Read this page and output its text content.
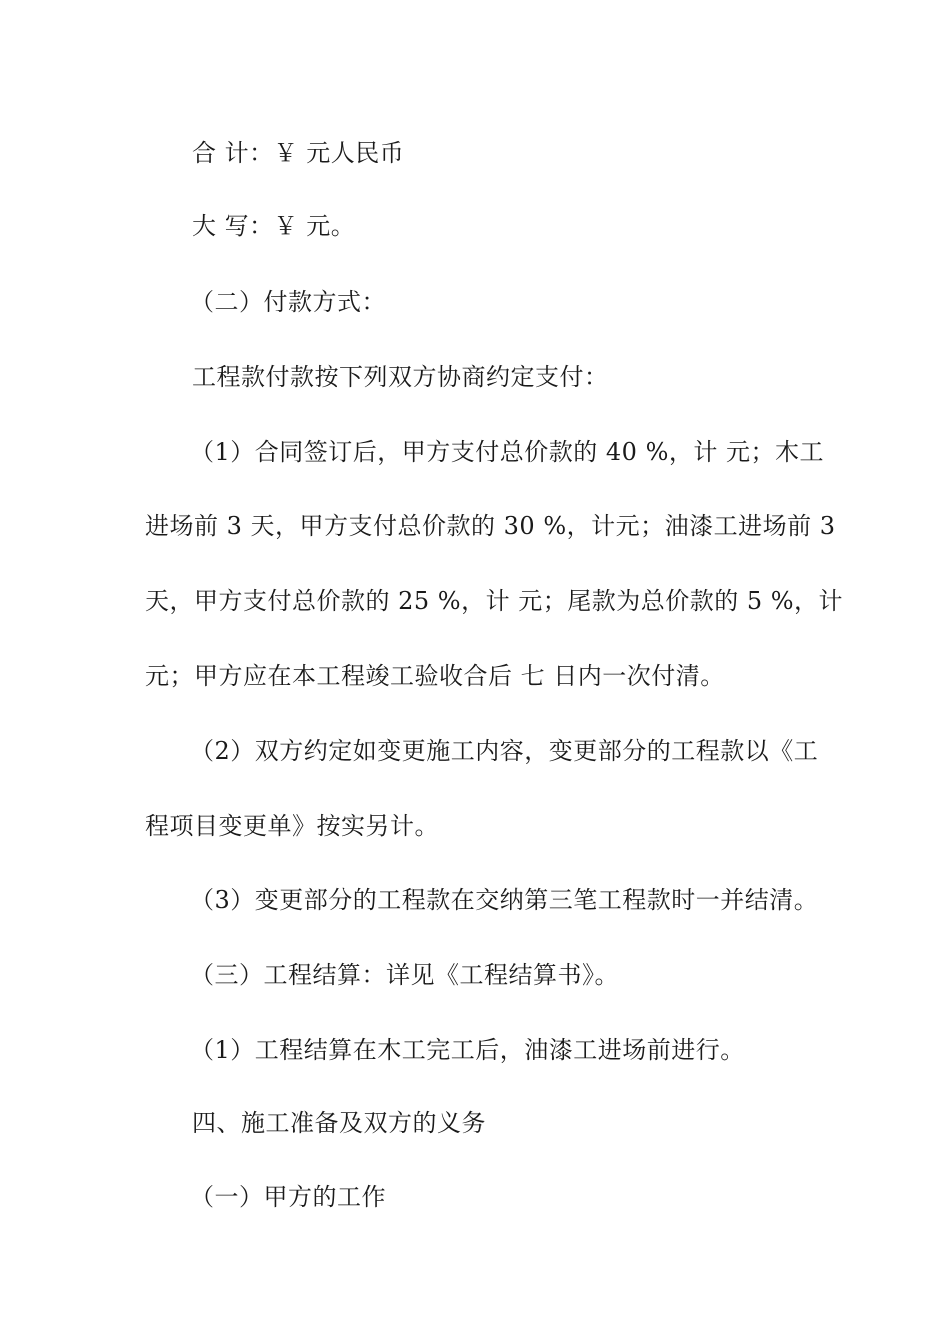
合 计：￥ 元人民币
大 写：￥ 元。
（二）付款方式：
工程款付款按下列双方协商约定支付：
（1）合同签订后，甲方支付总价款的 40 %，计 元；木工
进场前 3 天，甲方支付总价款的 30 %，计元；油漆工进场前 3
天，甲方支付总价款的 25 %，计 元；尾款为总价款的 5 %，计
元；甲方应在本工程竣工验收合后 七 日内一次付清。
（2）双方约定如变更施工内容，变更部分的工程款以《工
程项目变更单》按实另计。
（3）变更部分的工程款在交纳第三笔工程款时一并结清。
（三）工程结算：详见《工程结算书》。
（1）工程结算在木工完工后，油漆工进场前进行。
四、施工准备及双方的义务
（一）甲方的工作
